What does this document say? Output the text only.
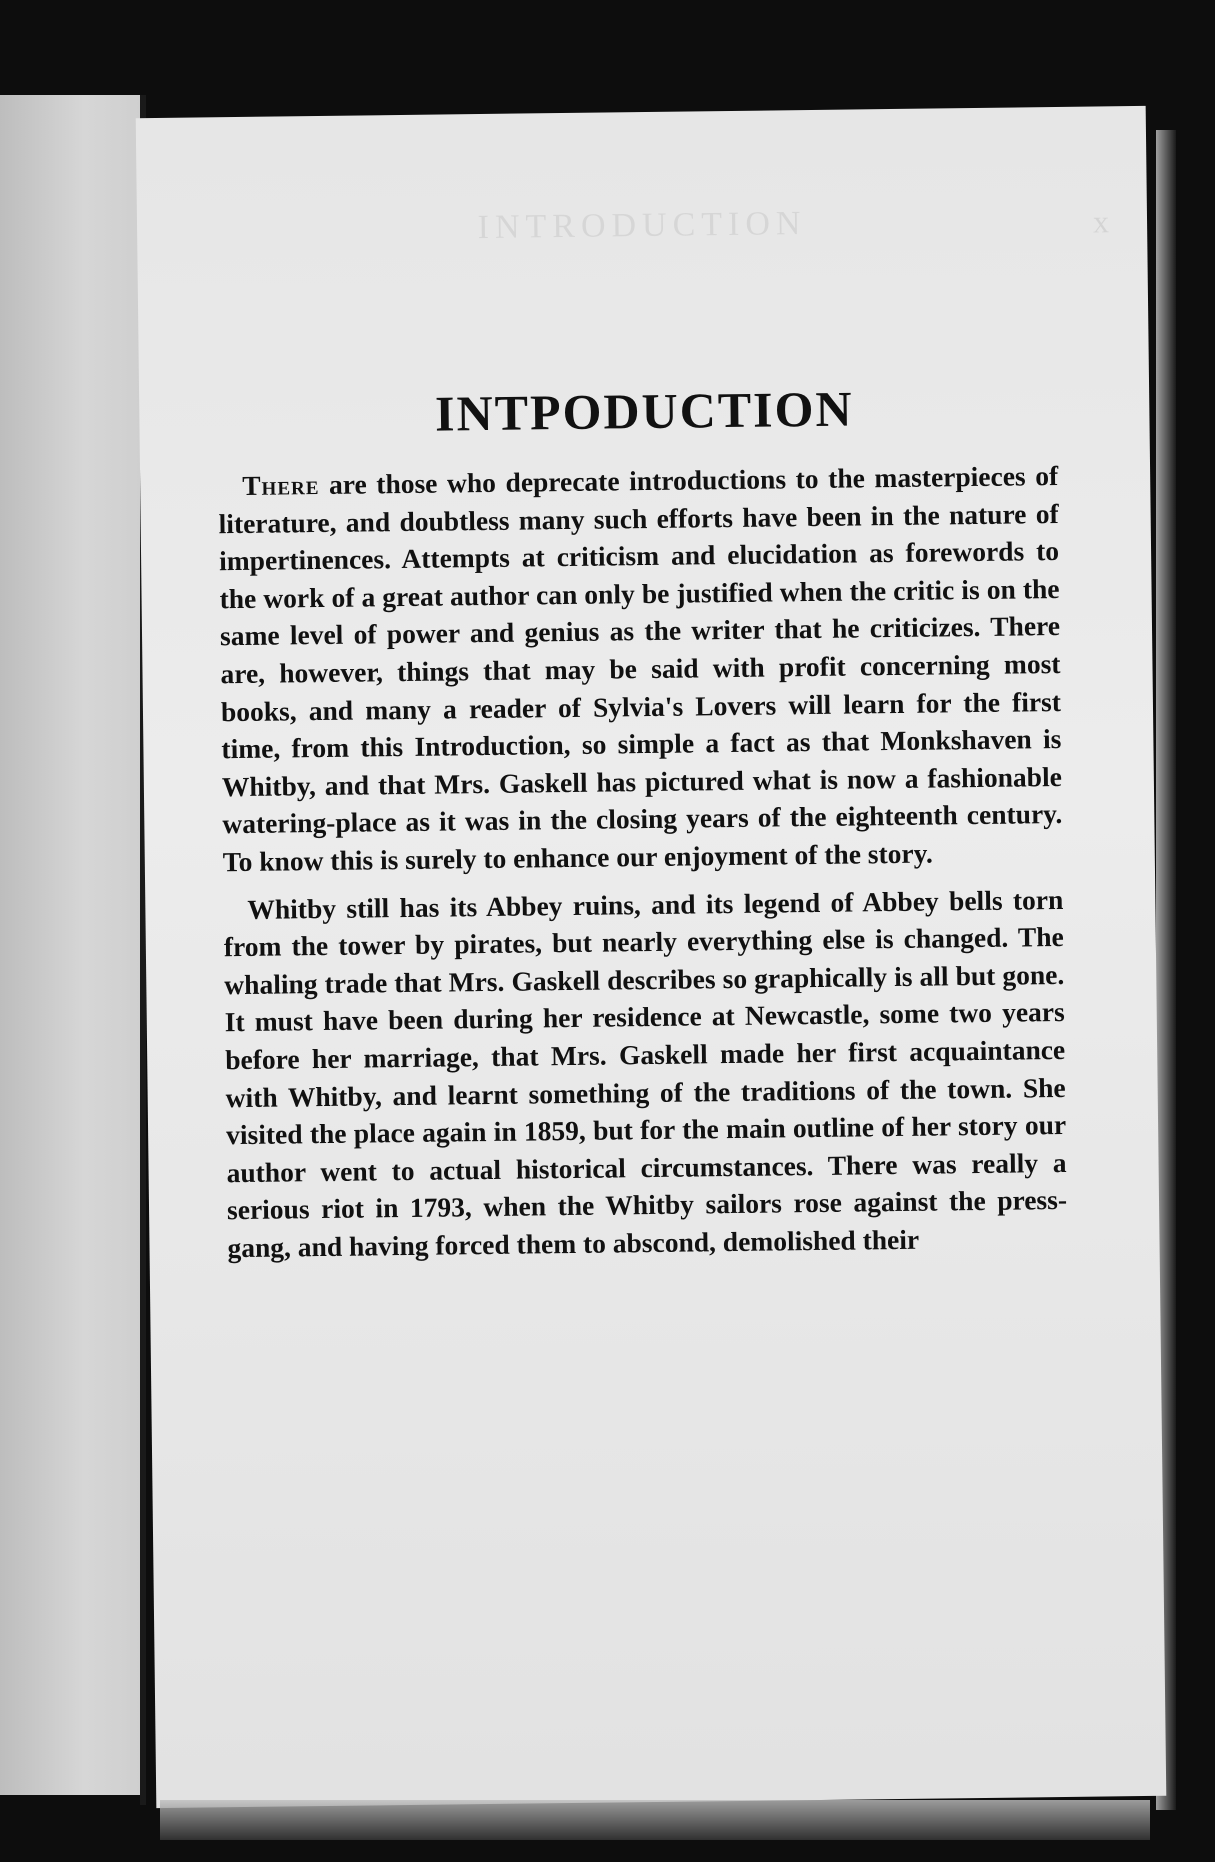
INTRODUCTION	x
INTPODUCTION

There are those who deprecate introductions to the masterpieces of literature, and doubtless many such efforts have been in the nature of impertinences. Attempts at criticism and elucidation as forewords to the work of a great author can only be justified when the critic is on the same level of power and genius as the writer that he criticizes. There are, however, things that may be said with profit concerning most books, and many a reader of Sylvia's Lovers will learn for the first time, from this Introduction, so simple a fact as that Monkshaven is Whitby, and that Mrs. Gaskell has pictured what is now a fashionable watering-place as it was in the closing years of the eighteenth century. To know this is surely to enhance our enjoyment of the story.

Whitby still has its Abbey ruins, and its legend of Abbey bells torn from the tower by pirates, but nearly everything else is changed. The whaling trade that Mrs. Gaskell describes so graphically is all but gone. It must have been during her residence at Newcastle, some two years before her marriage, that Mrs. Gaskell made her first acquaintance with Whitby, and learnt something of the traditions of the town. She visited the place again in 1859, but for the main outline of her story our author went to actual historical circumstances. There was really a serious riot in 1793, when the Whitby sailors rose against the press-gang, and having forced them to abscond, demolished their
